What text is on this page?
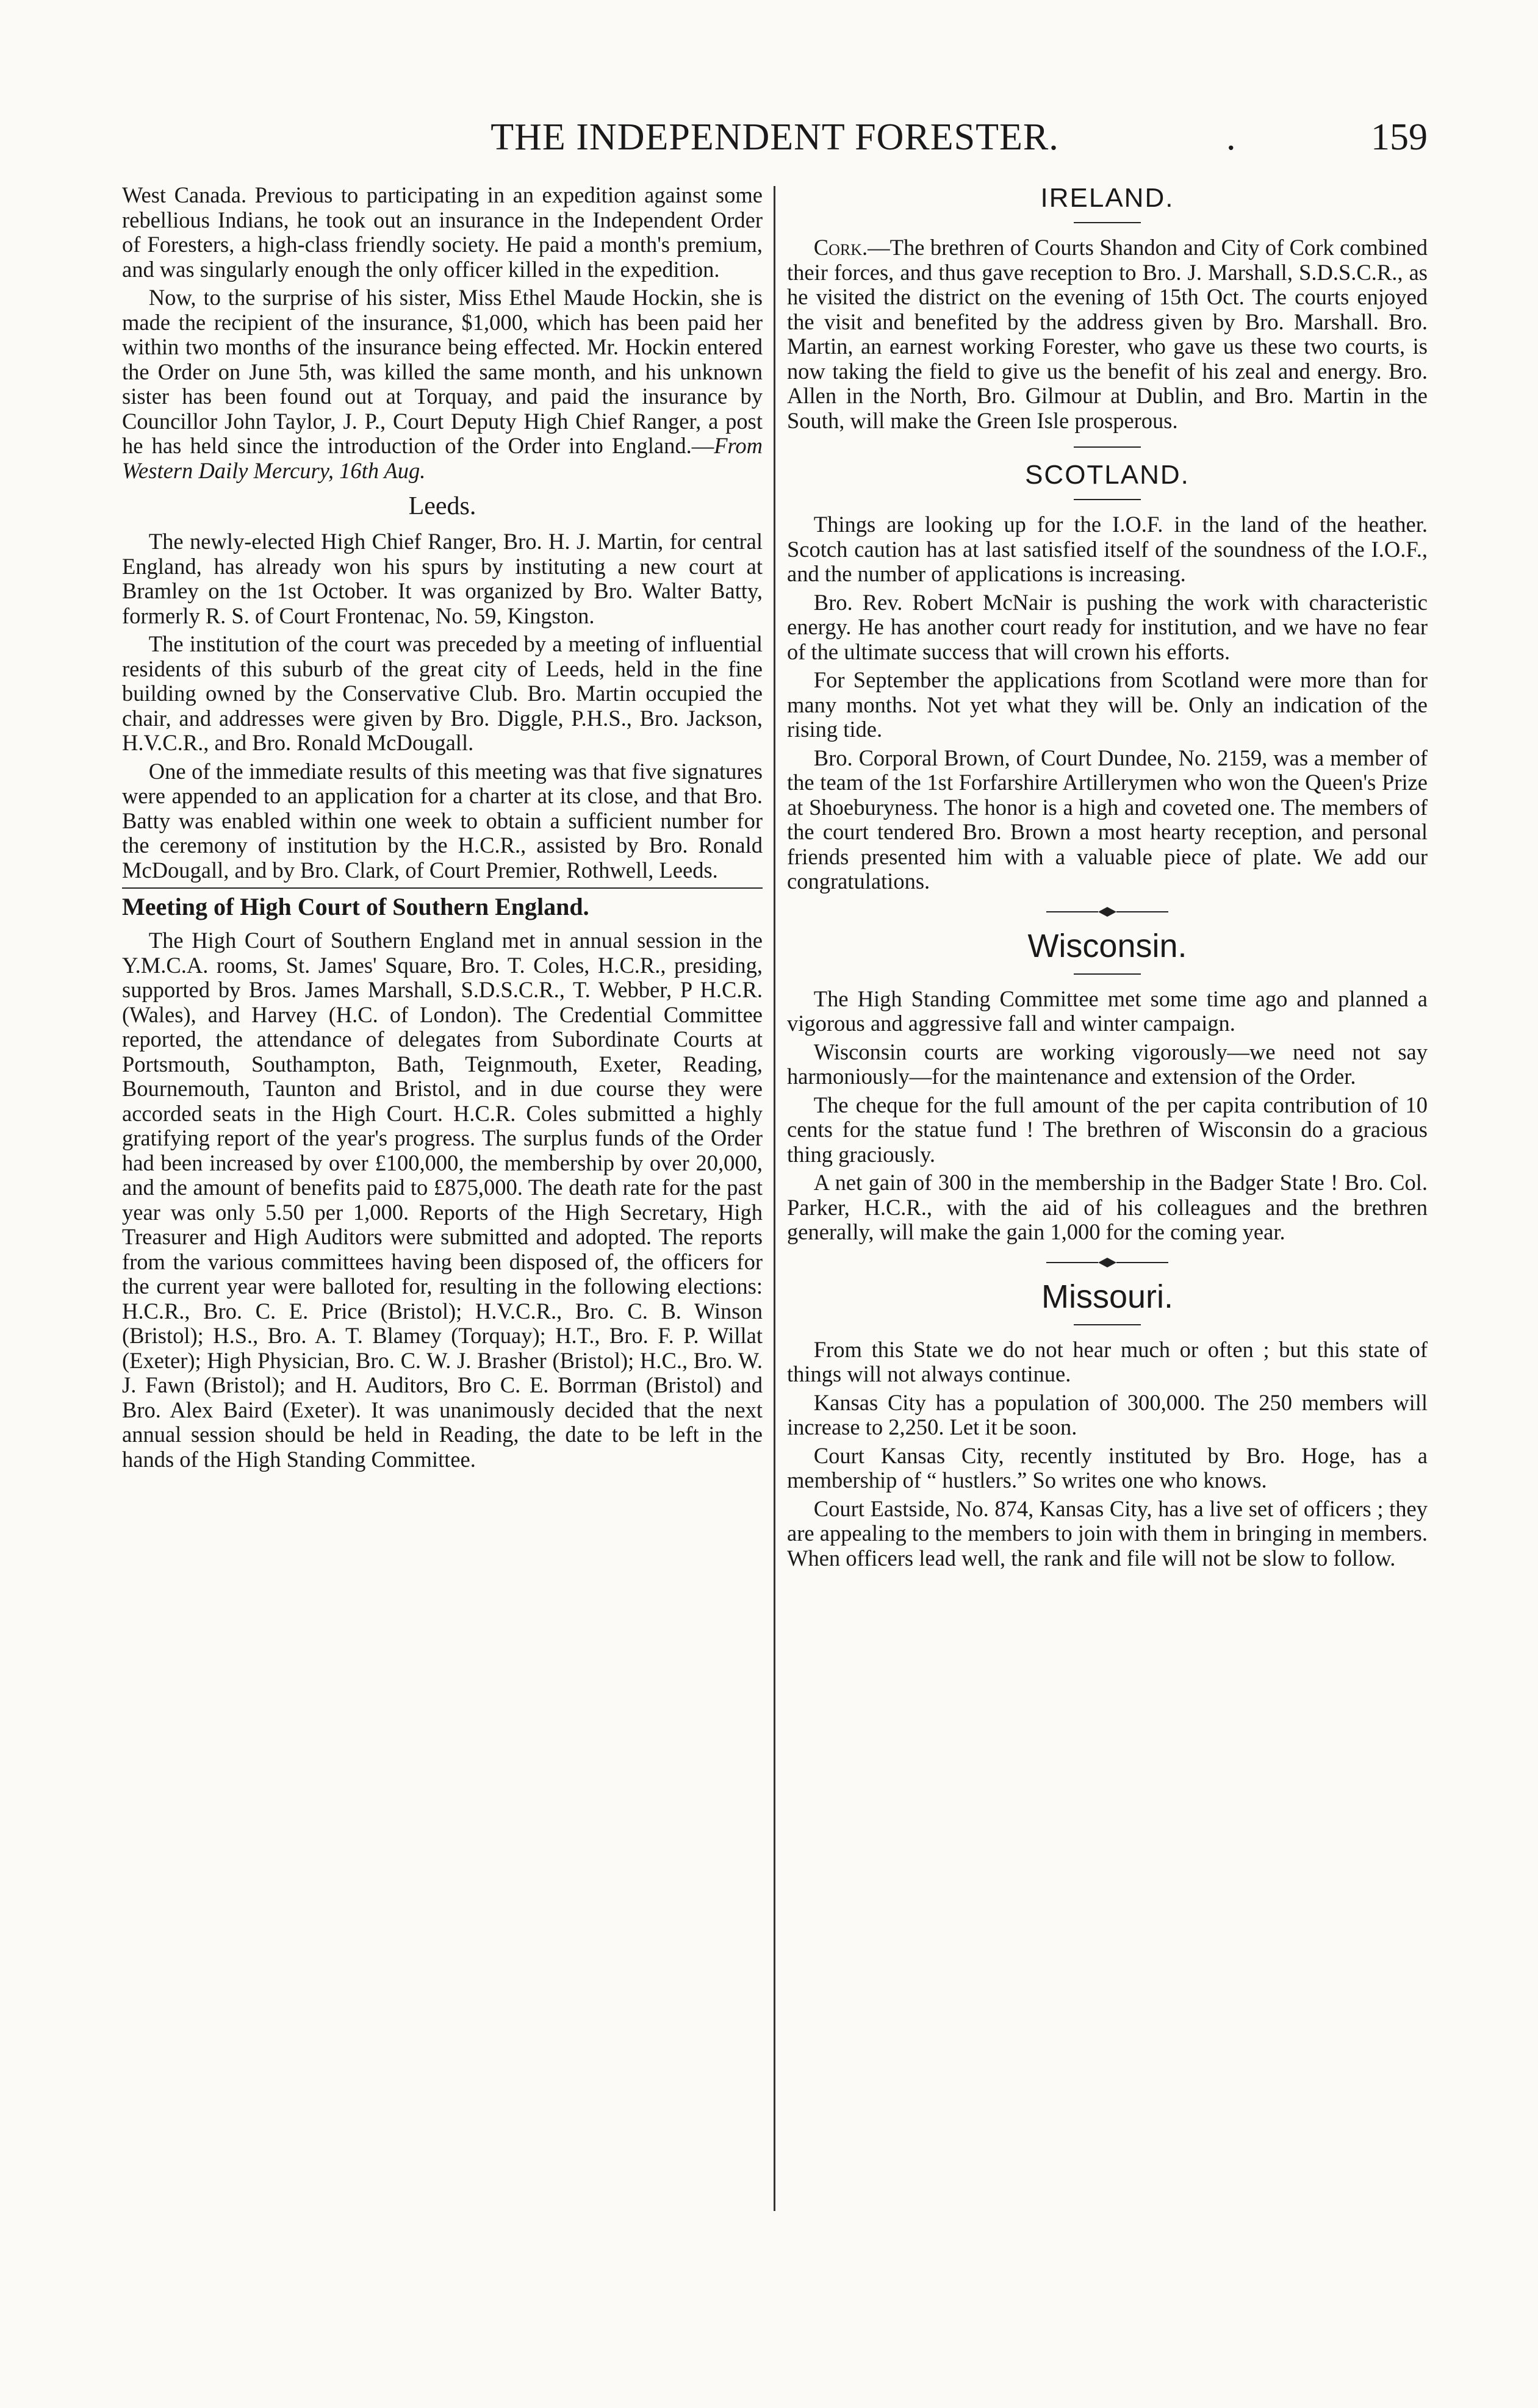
THE INDEPENDENT FORESTER.	.	159

West Canada. Previous to participating in an expedition against some rebellious Indians, he took out an insurance in the Independent Order of Foresters, a high-class friendly society. He paid a month's premium, and was singularly enough the only officer killed in the expedition.

Now, to the surprise of his sister, Miss Ethel Maude Hockin, she is made the recipient of the insurance, $1,000, which has been paid her within two months of the insurance being effected. Mr. Hockin entered the Order on June 5th, was killed the same month, and his unknown sister has been found out at Torquay, and paid the insurance by Councillor John Taylor, J. P., Court Deputy High Chief Ranger, a post he has held since the introduction of the Order into England.—From Western Daily Mercury, 16th Aug.

Leeds.

The newly-elected High Chief Ranger, Bro. H. J. Martin, for central England, has already won his spurs by instituting a new court at Bramley on the 1st October. It was organized by Bro. Walter Batty, formerly R. S. of Court Frontenac, No. 59, Kingston.

The institution of the court was preceded by a meeting of influential residents of this suburb of the great city of Leeds, held in the fine building owned by the Conservative Club. Bro. Martin occupied the chair, and addresses were given by Bro. Diggle, P.H.S., Bro. Jackson, H.V.C.R., and Bro. Ronald McDougall.

One of the immediate results of this meeting was that five signatures were appended to an application for a charter at its close, and that Bro. Batty was enabled within one week to obtain a sufficient number for the ceremony of institution by the H.C.R., assisted by Bro. Ronald McDougall, and by Bro. Clark, of Court Premier, Rothwell, Leeds.

Meeting of High Court of Southern England.

The High Court of Southern England met in annual session in the Y.M.C.A. rooms, St. James' Square, Bro. T. Coles, H.C.R., presiding, supported by Bros. James Marshall, S.D.S.C.R., T. Webber, P H.C.R. (Wales), and Harvey (H.C. of London). The Credential Committee reported, the attendance of delegates from Subordinate Courts at Portsmouth, Southampton, Bath, Teignmouth, Exeter, Reading, Bournemouth, Taunton and Bristol, and in due course they were accorded seats in the High Court. H.C.R. Coles submitted a highly gratifying report of the year's progress. The surplus funds of the Order had been increased by over £100,000, the membership by over 20,000, and the amount of benefits paid to £875,000. The death rate for the past year was only 5.50 per 1,000. Reports of the High Secretary, High Treasurer and High Auditors were submitted and adopted. The reports from the various committees having been disposed of, the officers for the current year were balloted for, resulting in the following elections: H.C.R., Bro. C. E. Price (Bristol); H.V.C.R., Bro. C. B. Winson (Bristol); H.S., Bro. A. T. Blamey (Torquay); H.T., Bro. F. P. Willat (Exeter); High Physician, Bro. C. W. J. Brasher (Bristol); H.C., Bro. W. J. Fawn (Bristol); and H. Auditors, Bro C. E. Borrman (Bristol) and Bro. Alex Baird (Exeter). It was unanimously decided that the next annual session should be held in Reading, the date to be left in the hands of the High Standing Committee.

IRELAND.

Cork.—The brethren of Courts Shandon and City of Cork combined their forces, and thus gave reception to Bro. J. Marshall, S.D.S.C.R., as he visited the district on the evening of 15th Oct. The courts enjoyed the visit and benefited by the address given by Bro. Marshall. Bro. Martin, an earnest working Forester, who gave us these two courts, is now taking the field to give us the benefit of his zeal and energy. Bro. Allen in the North, Bro. Gilmour at Dublin, and Bro. Martin in the South, will make the Green Isle prosperous.

SCOTLAND.

Things are looking up for the I.O.F. in the land of the heather. Scotch caution has at last satisfied itself of the soundness of the I.O.F., and the number of applications is increasing.

Bro. Rev. Robert McNair is pushing the work with characteristic energy. He has another court ready for institution, and we have no fear of the ultimate success that will crown his efforts.

For September the applications from Scotland were more than for many months. Not yet what they will be. Only an indication of the rising tide.

Bro. Corporal Brown, of Court Dundee, No. 2159, was a member of the team of the 1st Forfarshire Artillerymen who won the Queen's Prize at Shoeburyness. The honor is a high and coveted one. The members of the court tendered Bro. Brown a most hearty reception, and personal friends presented him with a valuable piece of plate. We add our congratulations.

Wisconsin.

The High Standing Committee met some time ago and planned a vigorous and aggressive fall and winter campaign.

Wisconsin courts are working vigorously—we need not say harmoniously—for the maintenance and extension of the Order.

The cheque for the full amount of the per capita contribution of 10 cents for the statue fund ! The brethren of Wisconsin do a gracious thing graciously.

A net gain of 300 in the membership in the Badger State ! Bro. Col. Parker, H.C.R., with the aid of his colleagues and the brethren generally, will make the gain 1,000 for the coming year.

Missouri.

From this State we do not hear much or often ; but this state of things will not always continue.

Kansas City has a population of 300,000. The 250 members will increase to 2,250. Let it be soon.

Court Kansas City, recently instituted by Bro. Hoge, has a membership of “ hustlers.” So writes one who knows.

Court Eastside, No. 874, Kansas City, has a live set of officers ; they are appealing to the members to join with them in bringing in members. When officers lead well, the rank and file will not be slow to follow.
